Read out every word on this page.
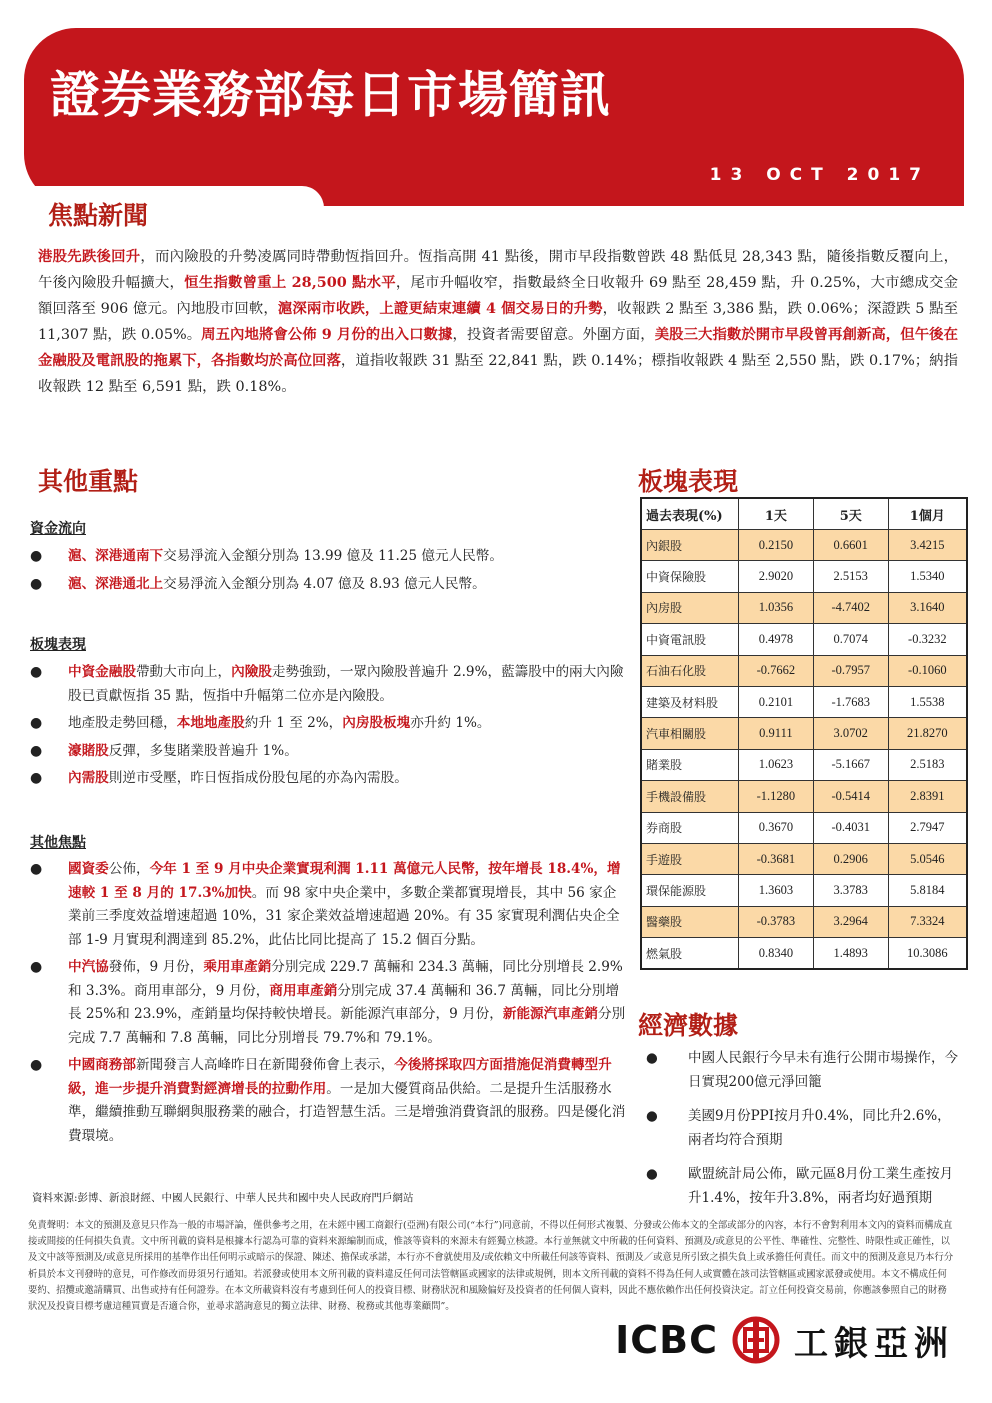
證券業務部每日市場簡訊
13 OCT 2017
焦點新聞
港股先跌後回升，而內險股的升勢凌厲同時帶動恆指回升。恆指高開 41 點後，開市早段指數曾跌 48 點低見 28,343 點，隨後指數反覆向上，午後內險股升幅擴大，恒生指數曾重上 28,500 點水平，尾市升幅收窄，指數最終全日收報升 69 點至 28,459 點，升 0.25%，大市總成交金額回落至 906 億元。內地股市回軟，滬深兩市收跌，上證更結束連續 4 個交易日的升勢，收報跌 2 點至 3,386 點，跌 0.06%；深證跌 5 點至 11,307 點，跌 0.05%。周五內地將會公佈 9 月份的出入口數據，投資者需要留意。外圍方面，美股三大指數於開市早段曾再創新高，但午後在金融股及電訊股的拖累下，各指數均於高位回落，道指收報跌 31 點至 22,841 點，跌 0.14%；標指收報跌 4 點至 2,550 點，跌 0.17%；納指收報跌 12 點至 6,591 點，跌 0.18%。
其他重點
資金流向
● 滬、深港通南下交易淨流入金額分別為 13.99 億及 11.25 億元人民幣。
● 滬、深港通北上交易淨流入金額分別為 4.07 億及 8.93 億元人民幣。
板塊表現
● 中資金融股帶動大市向上，內險股走勢強勁，一眾內險股普遍升 2.9%，藍籌股中的兩大內險股已貢獻恆指 35 點，恆指中升幅第二位亦是內險股。
● 地產股走勢回穩，本地地產股約升 1 至 2%，內房股板塊亦升約 1%。
● 濠賭股反彈，多隻賭業股普遍升 1%。
● 內需股則逆市受壓，昨日恆指成份股包尾的亦為內需股。
其他焦點
● 國資委公佈，今年 1 至 9 月中央企業實現利潤 1.11 萬億元人民幣，按年增長 18.4%，增速較 1 至 8 月的 17.3%加快。而 98 家中央企業中，多數企業都實現增長，其中 56 家企業前三季度效益增速超過 10%，31 家企業效益增速超過 20%。有 35 家實現利潤佔央企全部 1-9 月實現利潤達到 85.2%，此佔比同比提高了 15.2 個百分點。
● 中汽協發佈，9 月份，乘用車產銷分別完成 229.7 萬輛和 234.3 萬輛，同比分別增長 2.9%和 3.3%。商用車部分，9 月份，商用車產銷分別完成 37.4 萬輛和 36.7 萬輛，同比分別增長 25%和 23.9%，產銷量均保持較快增長。新能源汽車部分，9 月份，新能源汽車產銷分別完成 7.7 萬輛和 7.8 萬輛，同比分別增長 79.7%和 79.1%。
● 中國商務部新聞發言人高峰昨日在新聞發佈會上表示，今後將採取四方面措施促消費轉型升級，進一步提升消費對經濟增長的拉動作用。一是加大優質商品供給。二是提升生活服務水準，繼續推動互聯網與服務業的融合，打造智慧生活。三是增強消費資訊的服務。四是優化消費環境。
板塊表現
過去表現(%)	1天	5天	1個月
內銀股	0.2150	0.6601	3.4215
中資保險股	2.9020	2.5153	1.5340
內房股	1.0356	-4.7402	3.1640
中資電訊股	0.4978	0.7074	-0.3232
石油石化股	-0.7662	-0.7957	-0.1060
建築及材料股	0.2101	-1.7683	1.5538
汽車相關股	0.9111	3.0702	21.8270
賭業股	1.0623	-5.1667	2.5183
手機設備股	-1.1280	-0.5414	2.8391
券商股	0.3670	-0.4031	2.7947
手遊股	-0.3681	0.2906	5.0546
環保能源股	1.3603	3.3783	5.8184
醫藥股	-0.3783	3.2964	7.3324
燃氣股	0.8340	1.4893	10.3086
經濟數據
● 中國人民銀行今早未有進行公開市場操作，今日實現200億元淨回籠
● 美國9月份PPI按月升0.4%，同比升2.6%，兩者均符合預期
● 歐盟統計局公佈，歐元區8月份工業生產按月升1.4%，按年升3.8%，兩者均好過預期
資料來源:彭博、新浪財經、中國人民銀行、中華人民共和國中央人民政府門戶網站
免責聲明：本文的預測及意見只作為一般的市場評論，僅供參考之用，在未經中國工商銀行(亞洲)有限公司(“本行”)同意前，不得以任何形式複製、分發或公佈本文的全部或部分的內容，本行不會對利用本文內的資料而構成直接或間接的任何損失負責。文中所刊載的資料是根據本行認為可靠的資料來源編制而成，惟該等資料的來源未有經獨立核證。本行並無就文中所載的任何資料、預測及/或意見的公平性、準確性、完整性、時限性或正確性，以及文中該等預測及/或意見所採用的基準作出任何明示或暗示的保證、陳述、擔保或承諾，本行亦不會就使用及/或依賴文中所載任何該等資料、預測及／或意見所引致之損失負上或承擔任何責任。而文中的預測及意見乃本行分析員於本文刊發時的意見，可作修改而毋須另行通知。若派發或使用本文所刊載的資料違反任何司法管轄區或國家的法律或規例，則本文所刊載的資料不得為任何人或實體在該司法管轄區或國家派發或使用。本文不構成任何要約、招攬或邀請購買、出售或持有任何證券。在本文所載資料沒有考慮到任何人的投資目標、財務狀況和風險偏好及投資者的任何個人資料，因此不應依賴作出任何投資決定。訂立任何投資交易前，你應該參照自己的財務狀況及投資目標考慮這種買賣是否適合你，並尋求諮詢意見的獨立法律、財務、稅務或其他專業顧問”。
ICBC 工銀亞洲
